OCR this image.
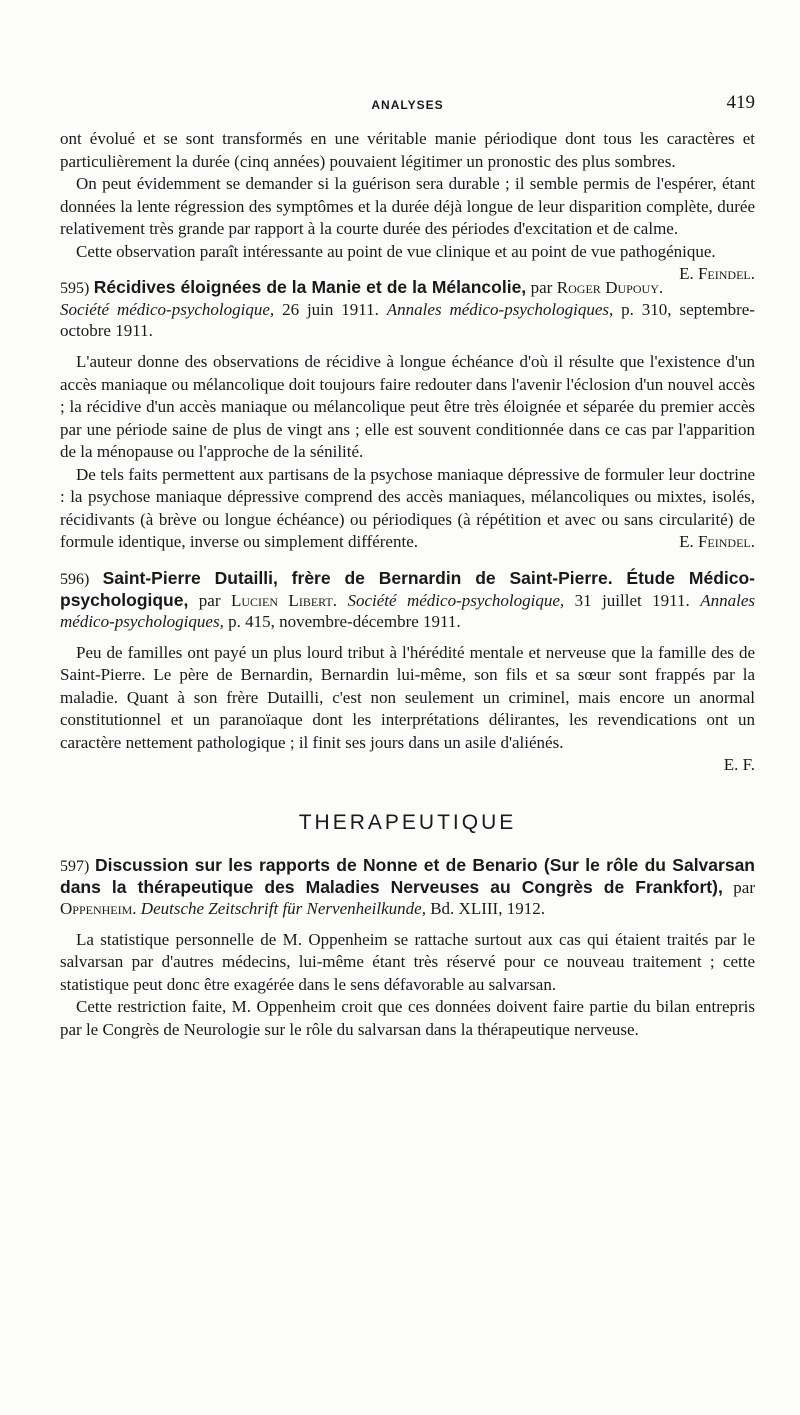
ANALYSES	419

ont évolué et se sont transformés en une véritable manie périodique dont tous les caractères et particulièrement la durée (cinq années) pouvaient légitimer un pronostic des plus sombres.

On peut évidemment se demander si la guérison sera durable ; il semble permis de l'espérer, étant données la lente régression des symptômes et la durée déjà longue de leur disparition complète, durée relativement très grande par rapport à la courte durée des périodes d'excitation et de calme.

Cette observation paraît intéressante au point de vue clinique et au point de vue pathogénique.
E. Feindel.

595) Récidives éloignées de la Manie et de la Mélancolie, par Roger Dupouy. Société médico-psychologique, 26 juin 1911. Annales médico-psychologiques, p. 310, septembre-octobre 1911.

L'auteur donne des observations de récidive à longue échéance d'où il résulte que l'existence d'un accès maniaque ou mélancolique doit toujours faire redouter dans l'avenir l'éclosion d'un nouvel accès ; la récidive d'un accès maniaque ou mélancolique peut être très éloignée et séparée du premier accès par une période saine de plus de vingt ans ; elle est souvent conditionnée dans ce cas par l'apparition de la ménopause ou l'approche de la sénilité.

De tels faits permettent aux partisans de la psychose maniaque dépressive de formuler leur doctrine : la psychose maniaque dépressive comprend des accès maniaques, mélancoliques ou mixtes, isolés, récidivants (à brève ou longue échéance) ou périodiques (à répétition et avec ou sans circularité) de formule identique, inverse ou simplement différente.	E. Feindel.

596) Saint-Pierre Dutailli, frère de Bernardin de Saint-Pierre. Étude Médico-psychologique, par Lucien Libert. Société médico-psychologique, 31 juillet 1911. Annales médico-psychologiques, p. 415, novembre-décembre 1911.

Peu de familles ont payé un plus lourd tribut à l'hérédité mentale et nerveuse que la famille des de Saint-Pierre. Le père de Bernardin, Bernardin lui-même, son fils et sa sœur sont frappés par la maladie. Quant à son frère Dutailli, c'est non seulement un criminel, mais encore un anormal constitutionnel et un paranoïaque dont les interprétations délirantes, les revendications ont un caractère nettement pathologique ; il finit ses jours dans un asile d'aliénés.

E. F.

THERAPEUTIQUE
597) Discussion sur les rapports de Nonne et de Benario (Sur le rôle du Salvarsan dans la thérapeutique des Maladies Nerveuses au Congrès de Frankfort), par Oppenheim. Deutsche Zeitschrift für Nervenheilkunde, Bd. XLIII, 1912.

La statistique personnelle de M. Oppenheim se rattache surtout aux cas qui étaient traités par le salvarsan par d'autres médecins, lui-même étant très réservé pour ce nouveau traitement ; cette statistique peut donc être exagérée dans le sens défavorable au salvarsan.

Cette restriction faite, M. Oppenheim croit que ces données doivent faire partie du bilan entrepris par le Congrès de Neurologie sur le rôle du salvarsan dans la thérapeutique nerveuse.
